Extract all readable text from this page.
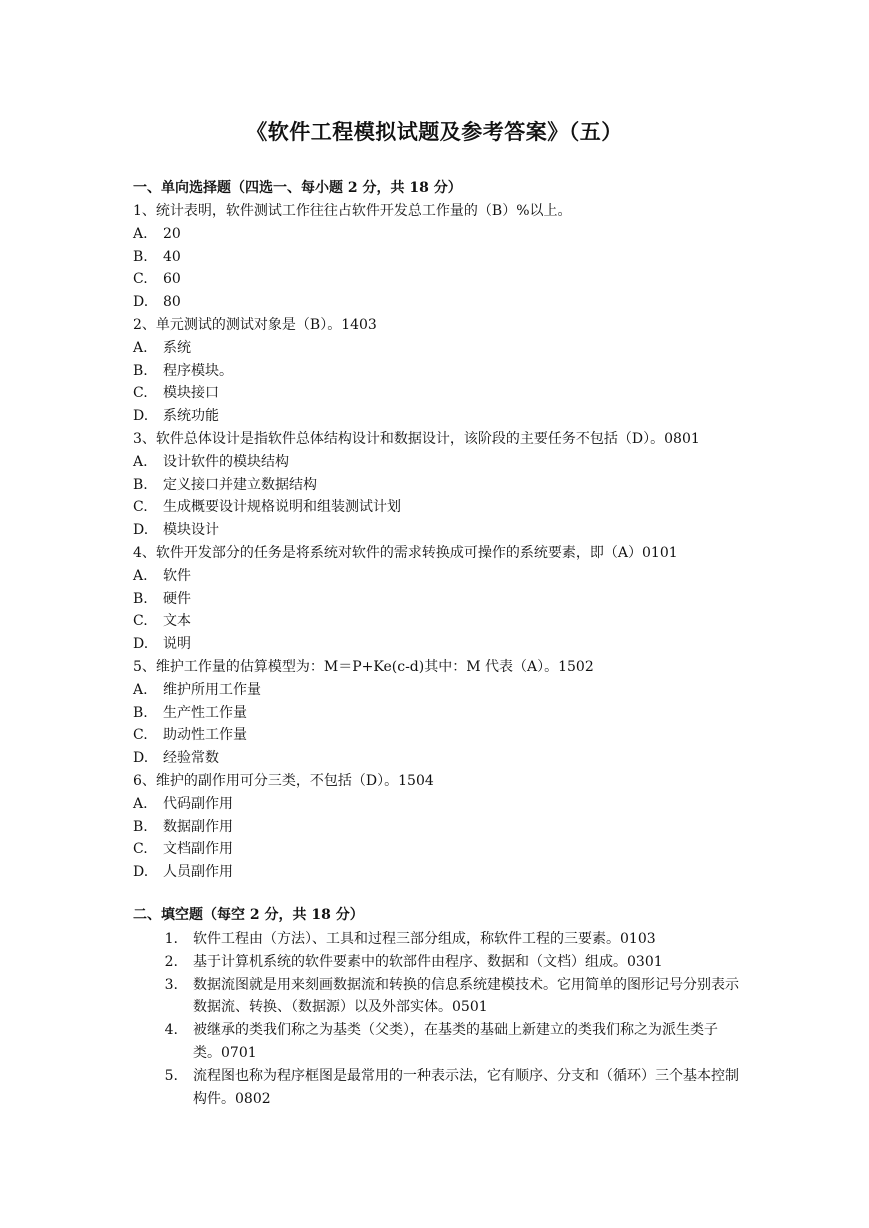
《软件工程模拟试题及参考答案》（五）
一、单向选择题（四选一、每小题 2 分，共 18 分）
1、统计表明，软件测试工作往往占软件开发总工作量的（B）%以上。
A.	20
B.	40
C.	60
D.	80
2、单元测试的测试对象是（B）。1403
A.	系统
B.	程序模块。
C.	模块接口
D.	系统功能
3、软件总体设计是指软件总体结构设计和数据设计，该阶段的主要任务不包括（D）。0801
A.	设计软件的模块结构
B.	定义接口并建立数据结构
C.	生成概要设计规格说明和组装测试计划
D.	模块设计
4、软件开发部分的任务是将系统对软件的需求转换成可操作的系统要素，即（A）0101
A.	软件
B.	硬件
C.	文本
D.	说明
5、维护工作量的估算模型为：M＝P+Ke(c-d)其中：M 代表（A）。1502
A.	维护所用工作量
B.	生产性工作量
C.	助动性工作量
D.	经验常数
6、维护的副作用可分三类，不包括（D）。1504
A.	代码副作用
B.	数据副作用
C.	文档副作用
D.	人员副作用
二、填空题（每空 2 分，共 18 分）
1.	软件工程由（方法）、工具和过程三部分组成，称软件工程的三要素。0103
2.	基于计算机系统的软件要素中的软部件由程序、数据和（文档）组成。0301
3.	数据流图就是用来刻画数据流和转换的信息系统建模技术。它用简单的图形记号分别表示数据流、转换、（数据源）以及外部实体。0501
4.	被继承的类我们称之为基类（父类），在基类的基础上新建立的类我们称之为派生类子类。0701
5.	流程图也称为程序框图是最常用的一种表示法，它有顺序、分支和（循环）三个基本控制构件。0802
